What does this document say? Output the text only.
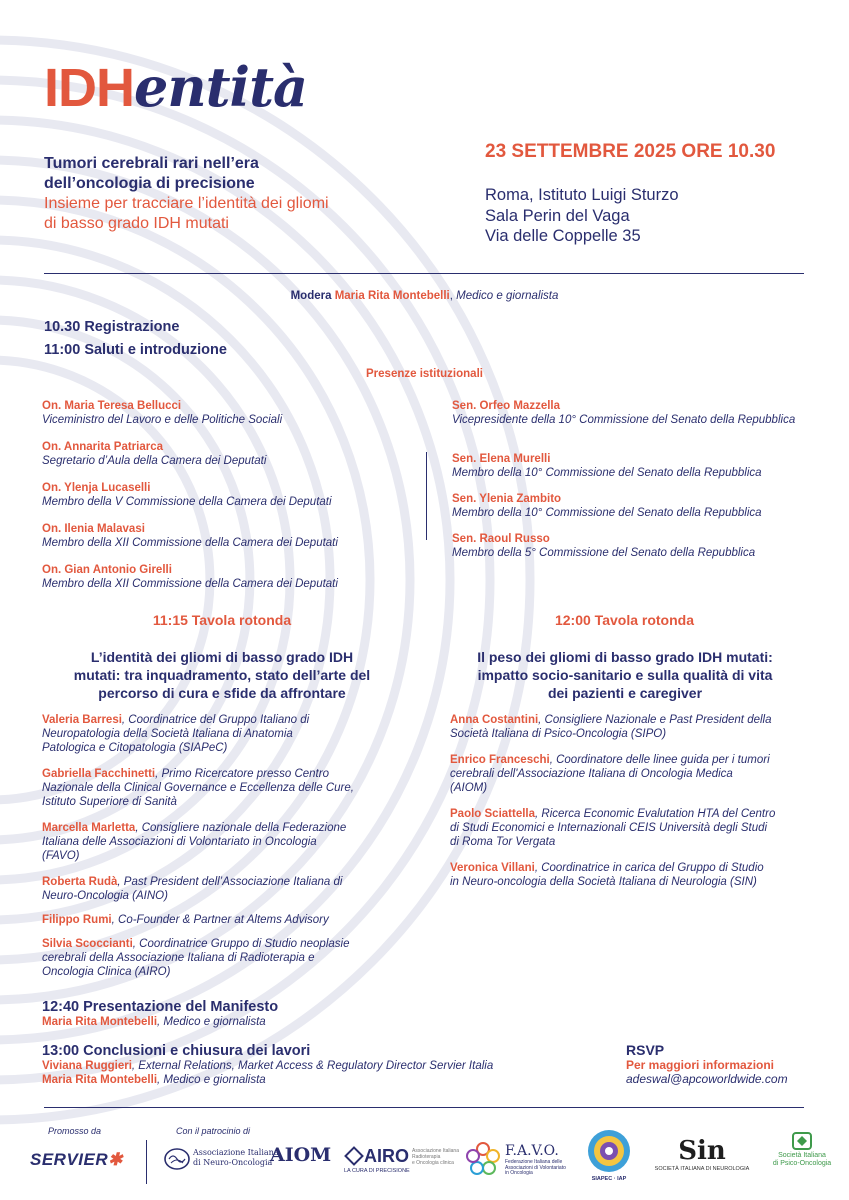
IDHentità
Tumori cerebrali rari nell’era
dell’oncologia di precisione
Insieme per tracciare l’identità dei gliomi
di basso grado IDH mutati
23 SETTEMBRE 2025 ORE 10.30
Roma, Istituto Luigi Sturzo
Sala Perin del Vaga
Via delle Coppelle 35
Modera Maria Rita Montebelli, Medico e giornalista
10.30 Registrazione
11:00 Saluti e introduzione
Presenze istituzionali
On. Maria Teresa Bellucci
Viceministro del Lavoro e delle Politiche Sociali
On. Annarita Patriarca
Segretario d’Aula della Camera dei Deputati
On. Ylenja Lucaselli
Membro della V Commissione della Camera dei Deputati
On. Ilenia Malavasi
Membro della XII Commissione della Camera dei Deputati
On. Gian Antonio Girelli
Membro della XII Commissione della Camera dei Deputati
Sen. Orfeo Mazzella
Vicepresidente della 10° Commissione del Senato della Repubblica
Sen. Elena Murelli
Membro della 10° Commissione del Senato della Repubblica
Sen. Ylenia Zambito
Membro della 10° Commissione del Senato della Repubblica
Sen. Raoul Russo
Membro della 5° Commissione del Senato della Repubblica
11:15 Tavola rotonda
L’identità dei gliomi di basso grado IDH
mutati: tra inquadramento, stato dell’arte del
percorso di cura e sfide da affrontare
Valeria Barresi, Coordinatrice del Gruppo Italiano di
Neuropatologia della Società Italiana di Anatomia
Patologica e Citopatologia (SIAPeC)
Gabriella Facchinetti, Primo Ricercatore presso Centro
Nazionale della Clinical Governance e Eccellenza delle Cure,
Istituto Superiore di Sanità
Marcella Marletta, Consigliere nazionale della Federazione
Italiana delle Associazioni di Volontariato in Oncologia
(FAVO)
Roberta Rudà, Past President dell’Associazione Italiana di
Neuro-Oncologia (AINO)
Filippo Rumi, Co-Founder & Partner at Altems Advisory
Silvia Scoccianti, Coordinatrice Gruppo di Studio neoplasie
cerebrali della Associazione Italiana di Radioterapia e
Oncologia Clinica (AIRO)
12:00 Tavola rotonda
Il peso dei gliomi di basso grado IDH mutati:
impatto socio-sanitario e sulla qualità di vita
dei pazienti e caregiver
Anna Costantini, Consigliere Nazionale e Past President della
Società Italiana di Psico-Oncologia (SIPO)
Enrico Franceschi, Coordinatore delle linee guida per i tumori
cerebrali dell'Associazione Italiana di Oncologia Medica
(AIOM)
Paolo Sciattella, Ricerca Economic Evalutation HTA del Centro
di Studi Economici e Internazionali CEIS Università degli Studi
di Roma Tor Vergata
Veronica Villani, Coordinatrice in carica del Gruppo di Studio
in Neuro-oncologia della Società Italiana di Neurologia (SIN)
12:40 Presentazione del Manifesto
Maria Rita Montebelli, Medico e giornalista
13:00 Conclusioni e chiusura dei lavori
Viviana Ruggieri, External Relations, Market Access & Regulatory Director Servier Italia
Maria Rita Montebelli, Medico e giornalista
RSVP
Per maggiori informazioni
adeswal@apcoworldwide.com
Promosso da	Con il patrocinio di
SERVIER✱	Associazione Italiana
di Neuro-Oncologia
AIOM AIRO
LA CURA DI PRECISIONE
Associazione Italiana
Radioterapia
e Oncologia clinica
F.A.V.O.
Federazione Italiana delle
Associazioni di Volontariato
in Oncologia
SIAPEC · IAP
Sin
SOCIETÀ ITALIANA DI NEUROLOGIA
Società Italiana
di Psico-Oncologia
